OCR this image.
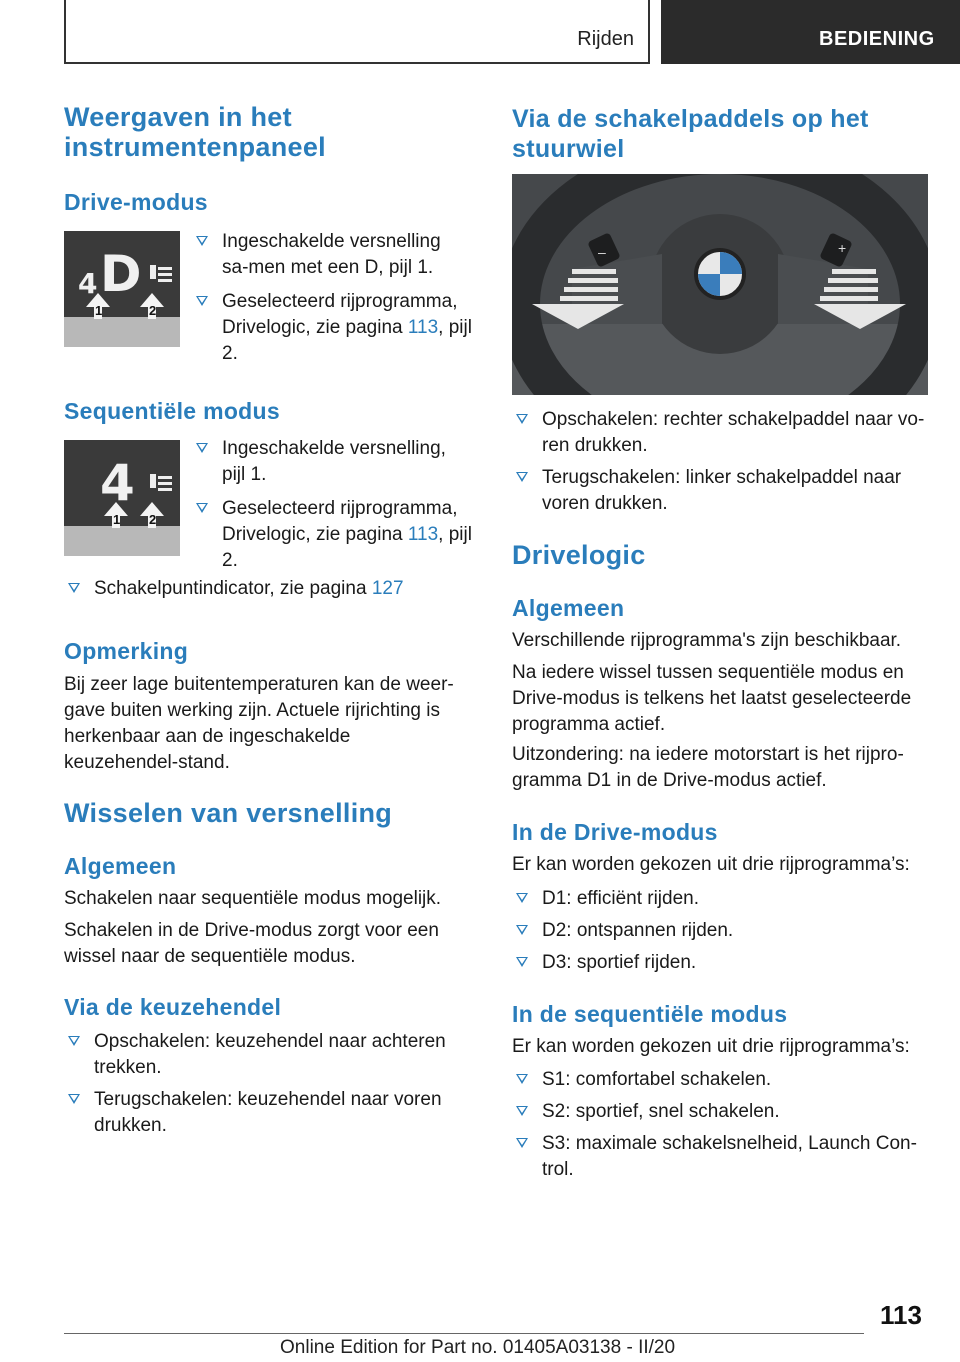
Rijden	BEDIENING
Weergaven in het
instrumentenpaneel
Drive-modus
4 D
1	2
Ingeschakelde versnelling sa-men met een D, pijl 1.
Geselecteerd rijprogramma, Drivelogic, zie pagina 113, pijl 2.
Sequentiële modus
4
1 2
Ingeschakelde versnelling, pijl 1.
Geselecteerd rijprogramma, Drivelogic, zie pagina 113, pijl 2.
Schakelpuntindicator, zie pagina 127
Opmerking

Bij zeer lage buitentemperaturen kan de weer-gave buiten werking zijn. Actuele rijrichting is herkenbaar aan de ingeschakelde keuzehendel-stand.

Wisselen van versnelling
Algemeen

Schakelen naar sequentiële modus mogelijk.

Schakelen in de Drive-modus zorgt voor een wissel naar de sequentiële modus.

Via de keuzehendel
Opschakelen: keuzehendel naar achteren trekken.
Terugschakelen: keuzehendel naar voren drukken.
Via de schakelpaddels op het stuurwiel
–	+
Opschakelen: rechter schakelpaddel naar vo-ren drukken.
Terugschakelen: linker schakelpaddel naar voren drukken.
Drivelogic
Algemeen

Verschillende rijprogramma's zijn beschikbaar.

Na iedere wissel tussen sequentiële modus en Drive-modus is telkens het laatst geselecteerde programma actief.

Uitzondering: na iedere motorstart is het rijpro-gramma D1 in de Drive-modus actief.

In de Drive-modus

Er kan worden gekozen uit drie rijprogramma’s:

D1: efficiënt rijden.
D2: ontspannen rijden.
D3: sportief rijden.
In de sequentiële modus

Er kan worden gekozen uit drie rijprogramma’s:

S1: comfortabel schakelen.
S2: sportief, snel schakelen.
S3: maximale schakelsnelheid, Launch Con-trol.
113
Online Edition for Part no. 01405A03138 - II/20
